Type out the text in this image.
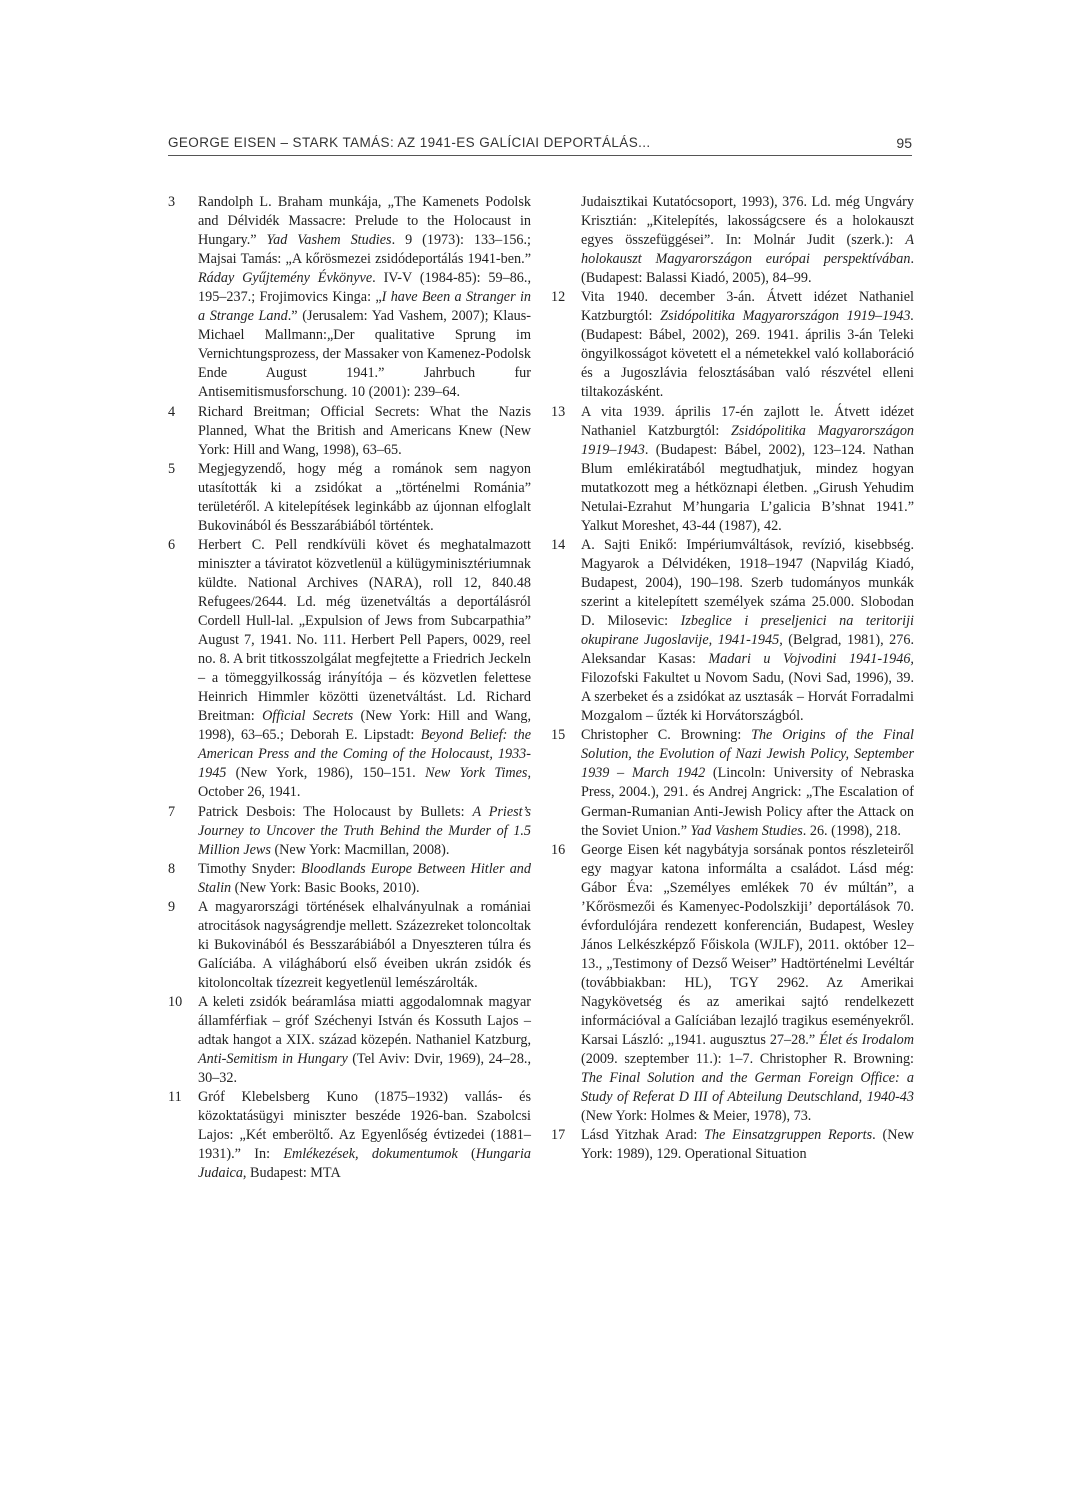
GEORGE EISEN – STARK TAMÁS: AZ 1941-ES GALÍCIAI DEPORTÁLÁS...	95
3 Randolph L. Braham munkája, „The Kamenets Podolsk and Délvidék Massacre: Prelude to the Holocaust in Hungary.” Yad Vashem Studies. 9 (1973): 133–156.; Majsai Tamás: „A kőrösmezei zsidódeportálás 1941-ben.” Ráday Gyűjtemény Évkönyve. IV-V (1984-85): 59–86., 195–237.; Frojimovics Kinga: „I have Been a Stranger in a Strange Land.” (Jerusalem: Yad Vashem, 2007); Klaus-Michael Mallmann:„Der qualitative Sprung im Vernichtungsprozess, der Massaker von Kamenez-Podolsk Ende August 1941.” Jahrbuch fur Antisemitismusforschung. 10 (2001): 239–64.
4 Richard Breitman; Official Secrets: What the Nazis Planned, What the British and Americans Knew (New York: Hill and Wang, 1998), 63–65.
5 Megjegyzendő, hogy még a románok sem nagyon utasították ki a zsidókat a „történelmi Románia” területéről. A kitelepítések leginkább az újonnan elfoglalt Bukovinából és Besszarábiából történtek.
6 Herbert C. Pell rendkívüli követ és meghatalmazott miniszter a táviratot közvetlenül a külügyminisztériumnak küldte. National Archives (NARA), roll 12, 840.48 Refugees/2644. Ld. még üzenetváltás a deportálásról Cordell Hull-lal. „Expulsion of Jews from Subcarpathia” August 7, 1941. No. 111. Herbert Pell Papers, 0029, reel no. 8. A brit titkosszolgálat megfejtette a Friedrich Jeckeln – a tömeggyilkosság irányítója – és közvetlen felettese Heinrich Himmler közötti üzenetváltást. Ld. Richard Breitman: Official Secrets (New York: Hill and Wang, 1998), 63–65.; Deborah E. Lipstadt: Beyond Belief: the American Press and the Coming of the Holocaust, 1933-1945 (New York, 1986), 150–151. New York Times, October 26, 1941.
7 Patrick Desbois: The Holocaust by Bullets: A Priest’s Journey to Uncover the Truth Behind the Murder of 1.5 Million Jews (New York: Macmillan, 2008).
8 Timothy Snyder: Bloodlands Europe Between Hitler and Stalin (New York: Basic Books, 2010).
9 A magyarországi történések elhalványulnak a romániai atrocitások nagyságrendje mellett. Százezreket toloncoltak ki Bukovinából és Besszarábiából a Dnyeszteren túlra és Galíciába. A világháború első éveiben ukrán zsidók és kitoloncoltak tízezreit kegyetlenül lemészárolták.
10 A keleti zsidók beáramlása miatti aggodalomnak magyar államférfiak – gróf Széchenyi István és Kossuth Lajos – adtak hangot a XIX. század közepén. Nathaniel Katzburg, Anti-Semitism in Hungary (Tel Aviv: Dvir, 1969), 24–28., 30–32.
11 Gróf Klebelsberg Kuno (1875–1932) vallás- és közoktatásügyi miniszter beszéde 1926-ban. Szabolcsi Lajos: „Két emberöltő. Az Egyenlőség évtizedei (1881–1931).” In: Emlékezések, dokumentumok (Hungaria Judaica, Budapest: MTA
Judaisztikai Kutatócsoport, 1993), 376. Ld. még Ungváry Krisztián: „Kitelepítés, lakosságcsere és a holokauszt egyes összefüggései”. In: Molnár Judit (szerk.): A holokauszt Magyarországon európai perspektívában. (Budapest: Balassi Kiadó, 2005), 84–99.
12 Vita 1940. december 3-án. Átvett idézet Nathaniel Katzburgtól: Zsidópolitika Magyarországon 1919–1943.(Budapest: Bábel, 2002), 269. 1941. április 3-án Teleki öngyilkosságot követett el a németekkel való kollaboráció és a Jugoszlávia felosztásában való részvétel elleni tiltakozásként.
13 A vita 1939. április 17-én zajlott le. Átvett idézet Nathaniel Katzburgtól: Zsidópolitika Magyarországon 1919–1943. (Budapest: Bábel, 2002), 123–124. Nathan Blum emlékiratából megtudhatjuk, mindez hogyan mutatkozott meg a hétköznapi életben. „Girush Yehudim Netulai-Ezrahut M’hungaria L’galicia B’shnat 1941.” Yalkut Moreshet, 43-44 (1987), 42.
14 A. Sajti Enikő: Impériumváltások, revízió, kisebbség. Magyarok a Délvidéken, 1918–1947 (Napvilág Kiadó, Budapest, 2004), 190–198. Szerb tudományos munkák szerint a kitelepített személyek száma 25.000. Slobodan D. Milosevic: Izbeglice i preseljenici na teritoriji okupirane Jugoslavije, 1941-1945, (Belgrad, 1981), 276. Aleksandar Kasas: Madari u Vojvodini 1941-1946, Filozofski Fakultet u Novom Sadu, (Novi Sad, 1996), 39. A szerbeket és a zsidókat az usztasák – Horvát Forradalmi Mozgalom – űzték ki Horvátországból.
15 Christopher C. Browning: The Origins of the Final Solution, the Evolution of Nazi Jewish Policy, September 1939 – March 1942 (Lincoln: University of Nebraska Press, 2004.), 291. és Andrej Angrick: „The Escalation of German-Rumanian Anti-Jewish Policy after the Attack on the Soviet Union.” Yad Vashem Studies. 26. (1998), 218.
16 George Eisen két nagybátyja sorsának pontos részleteiről egy magyar katona informálta a családot. Lásd még: Gábor Éva: „Személyes emlékek 70 év múltán”, a ’Kőrösmezői és Kamenyec-Podolszkiji’ deportálások 70. évfordulójára rendezett konferencián, Budapest, Wesley János Lelkészképző Főiskola (WJLF), 2011. október 12–13., „Testimony of Dezső Weiser” Hadtörténelmi Levéltár (továbbiakban: HL), TGY 2962. Az Amerikai Nagykövetség és az amerikai sajtó rendelkezett információval a Galíciában lezajló tragikus eseményekről. Karsai László: „1941. augusztus 27–28.” Élet és Irodalom (2009. szeptember 11.): 1–7. Christopher R. Browning: The Final Solution and the German Foreign Office: a Study of Referat D III of Abteilung Deutschland, 1940-43 (New York: Holmes & Meier, 1978), 73.
17 Lásd Yitzhak Arad: The Einsatzgruppen Reports. (New York: 1989), 129. Operational Situation
